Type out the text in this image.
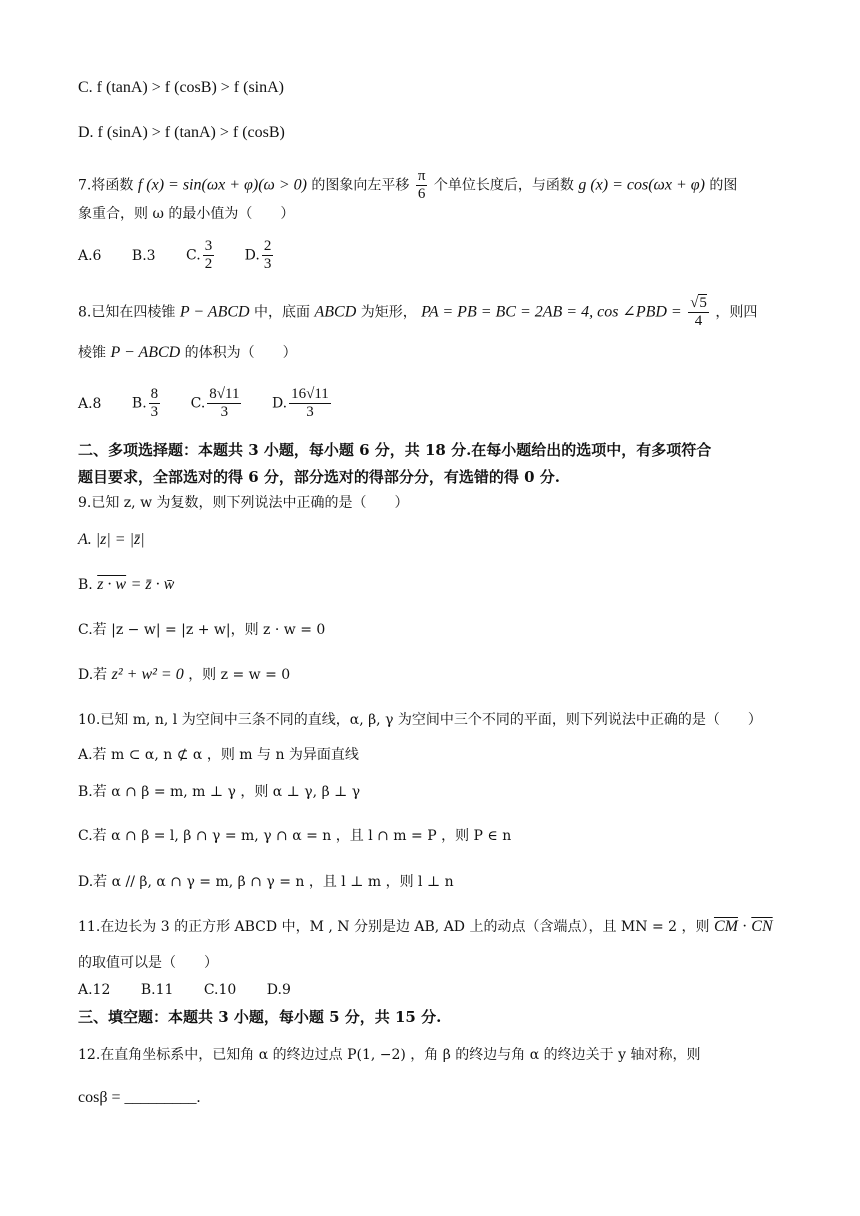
C. f (tanA) > f (cosB) > f (sinA)
D. f (sinA) > f (tanA) > f (cosB)
7.将函数 f (x) = sin(ωx + φ)(ω > 0) 的图象向左平移 $\frac{\pi}{6}$ 个单位长度后，与函数 g (x) = cos(ωx + φ) 的图
象重合，则 ω 的最小值为（　　）
A.6 B.3 C. $\frac{3}{2} D$. $\frac{2}{3}$
8.已知在四棱锥 P − ABCD 中，底面 ABCD 为矩形， PA = PB = BC = 2AB = 4, cos ∠PBD = $\frac{√5}{4}$ ，则四
棱锥 P − ABCD 的体积为（　　）
A.8 B. $\frac{8}{3} C$. $\frac{8√11}{3} D$. $\frac{16√11}{3}$
二、多项选择题：本题共 3 小题，每小题 6 分，共 18 分.在每小题给出的选项中，有多项符合
题目要求，全部选对的得 6 分，部分选对的得部分分，有选错的得 0 分.
9.已知 z, w 为复数，则下列说法中正确的是（　　）
A. |z| = |z̄|
B. z · w = z̄ · w̄
C.若 |z − w| = |z + w|，则 z · w = 0
D.若 z² + w² = 0 ，则 z = w = 0
10.已知 m, n, l 为空间中三条不同的直线，α, β, γ 为空间中三个不同的平面，则下列说法中正确的是（　　）
A.若 m ⊂ α, n ⊄ α ，则 m 与 n 为异面直线
B.若 α ∩ β = m, m ⊥ γ ，则 α ⊥ γ, β ⊥ γ
C.若 α ∩ β = l, β ∩ γ = m, γ ∩ α = n ，且 l ∩ m = P ，则 P ∈ n
D.若 α // β, α ∩ γ = m, β ∩ γ = n ，且 l ⊥ m ，则 l ⊥ n
11.在边长为 3 的正方形 ABCD 中，M , N 分别是边 AB, AD 上的动点（含端点），且 MN = 2 ，则 $\overline{CM} \cdot \overline{CN}$
的取值可以是（　　）
A.12 B.11 C.10 D.9
三、填空题：本题共 3 小题，每小题 5 分，共 15 分.
12.在直角坐标系中，已知角 α 的终边过点 P(1, −2) ，角 β 的终边与角 α 的终边关于 y 轴对称，则
cosβ = _________.
